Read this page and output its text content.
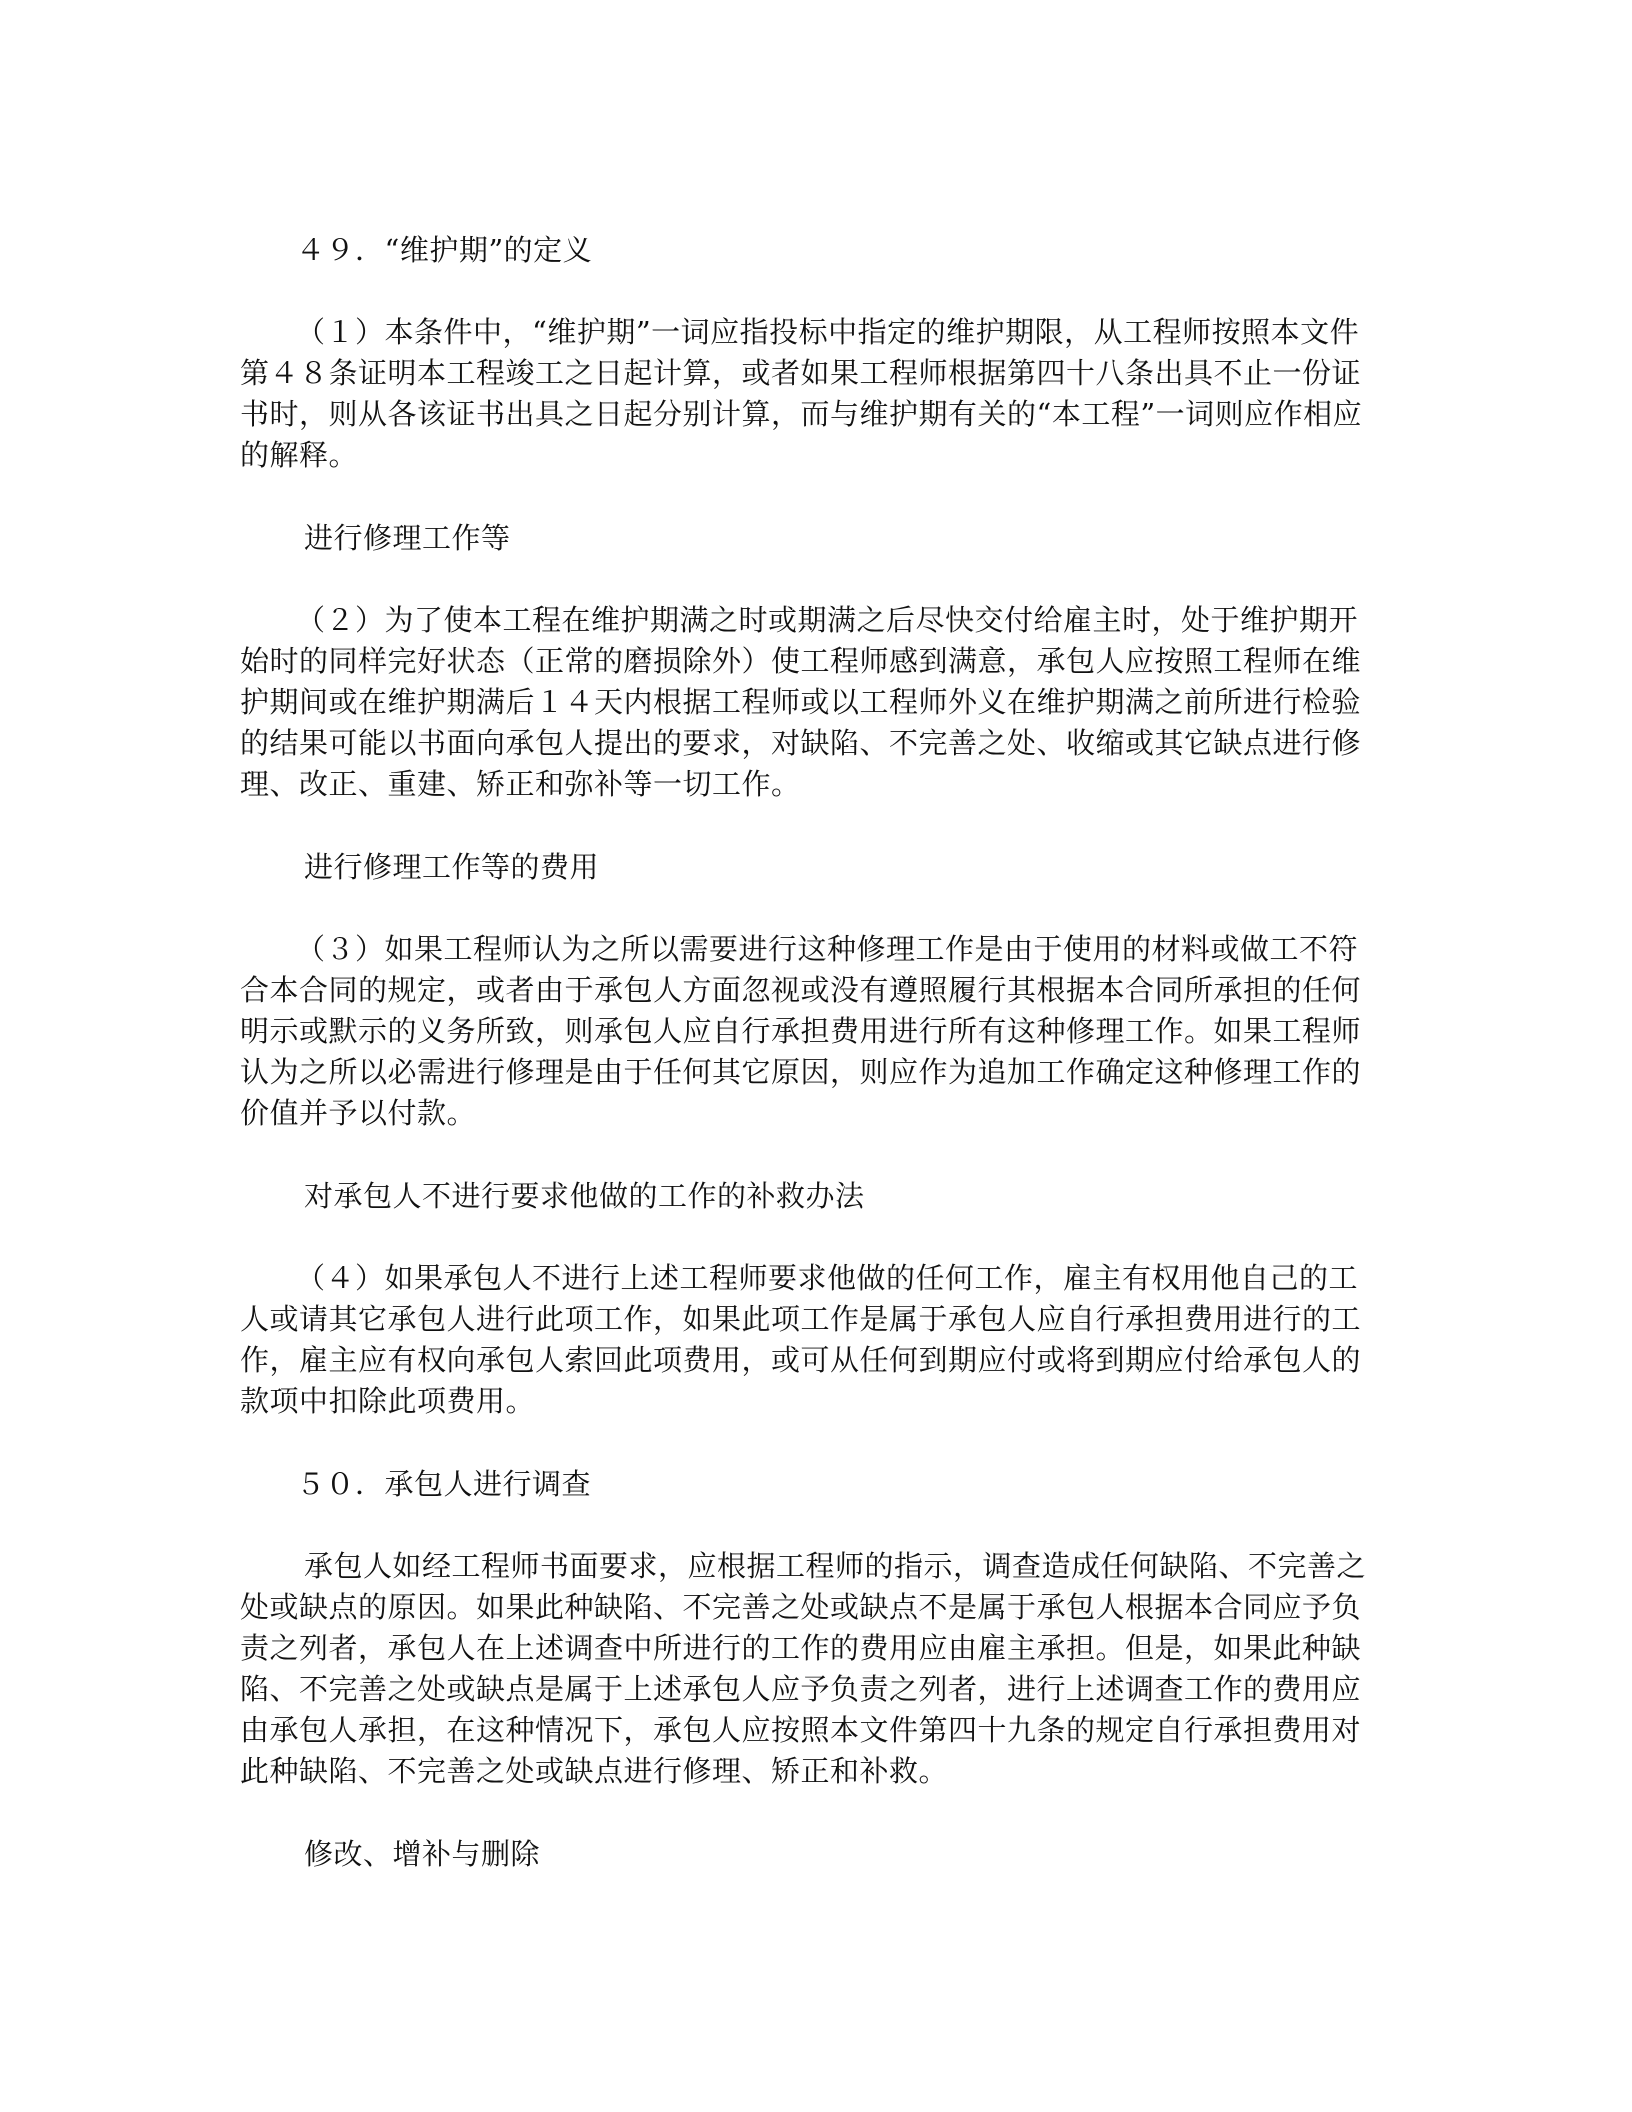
４９．“维护期”的定义

（１）本条件中，“维护期”一词应指投标中指定的维护期限，从工程师按照本文件第４８条证明本工程竣工之日起计算，或者如果工程师根据第四十八条出具不止一份证书时，则从各该证书出具之日起分别计算，而与维护期有关的“本工程”一词则应作相应的解释。

进行修理工作等

（２）为了使本工程在维护期满之时或期满之后尽快交付给雇主时，处于维护期开始时的同样完好状态（正常的磨损除外）使工程师感到满意，承包人应按照工程师在维护期间或在维护期满后１４天内根据工程师或以工程师外义在维护期满之前所进行检验的结果可能以书面向承包人提出的要求，对缺陷、不完善之处、收缩或其它缺点进行修理、改正、重建、矫正和弥补等一切工作。

进行修理工作等的费用

（３）如果工程师认为之所以需要进行这种修理工作是由于使用的材料或做工不符合本合同的规定，或者由于承包人方面忽视或没有遵照履行其根据本合同所承担的任何明示或默示的义务所致，则承包人应自行承担费用进行所有这种修理工作。如果工程师认为之所以必需进行修理是由于任何其它原因，则应作为追加工作确定这种修理工作的价值并予以付款。

对承包人不进行要求他做的工作的补救办法

（４）如果承包人不进行上述工程师要求他做的任何工作，雇主有权用他自己的工人或请其它承包人进行此项工作，如果此项工作是属于承包人应自行承担费用进行的工作，雇主应有权向承包人索回此项费用，或可从任何到期应付或将到期应付给承包人的款项中扣除此项费用。

５０．承包人进行调查

承包人如经工程师书面要求，应根据工程师的指示，调查造成任何缺陷、不完善之处或缺点的原因。如果此种缺陷、不完善之处或缺点不是属于承包人根据本合同应予负责之列者，承包人在上述调查中所进行的工作的费用应由雇主承担。但是，如果此种缺陷、不完善之处或缺点是属于上述承包人应予负责之列者，进行上述调查工作的费用应由承包人承担，在这种情况下，承包人应按照本文件第四十九条的规定自行承担费用对此种缺陷、不完善之处或缺点进行修理、矫正和补救。

修改、增补与删除
